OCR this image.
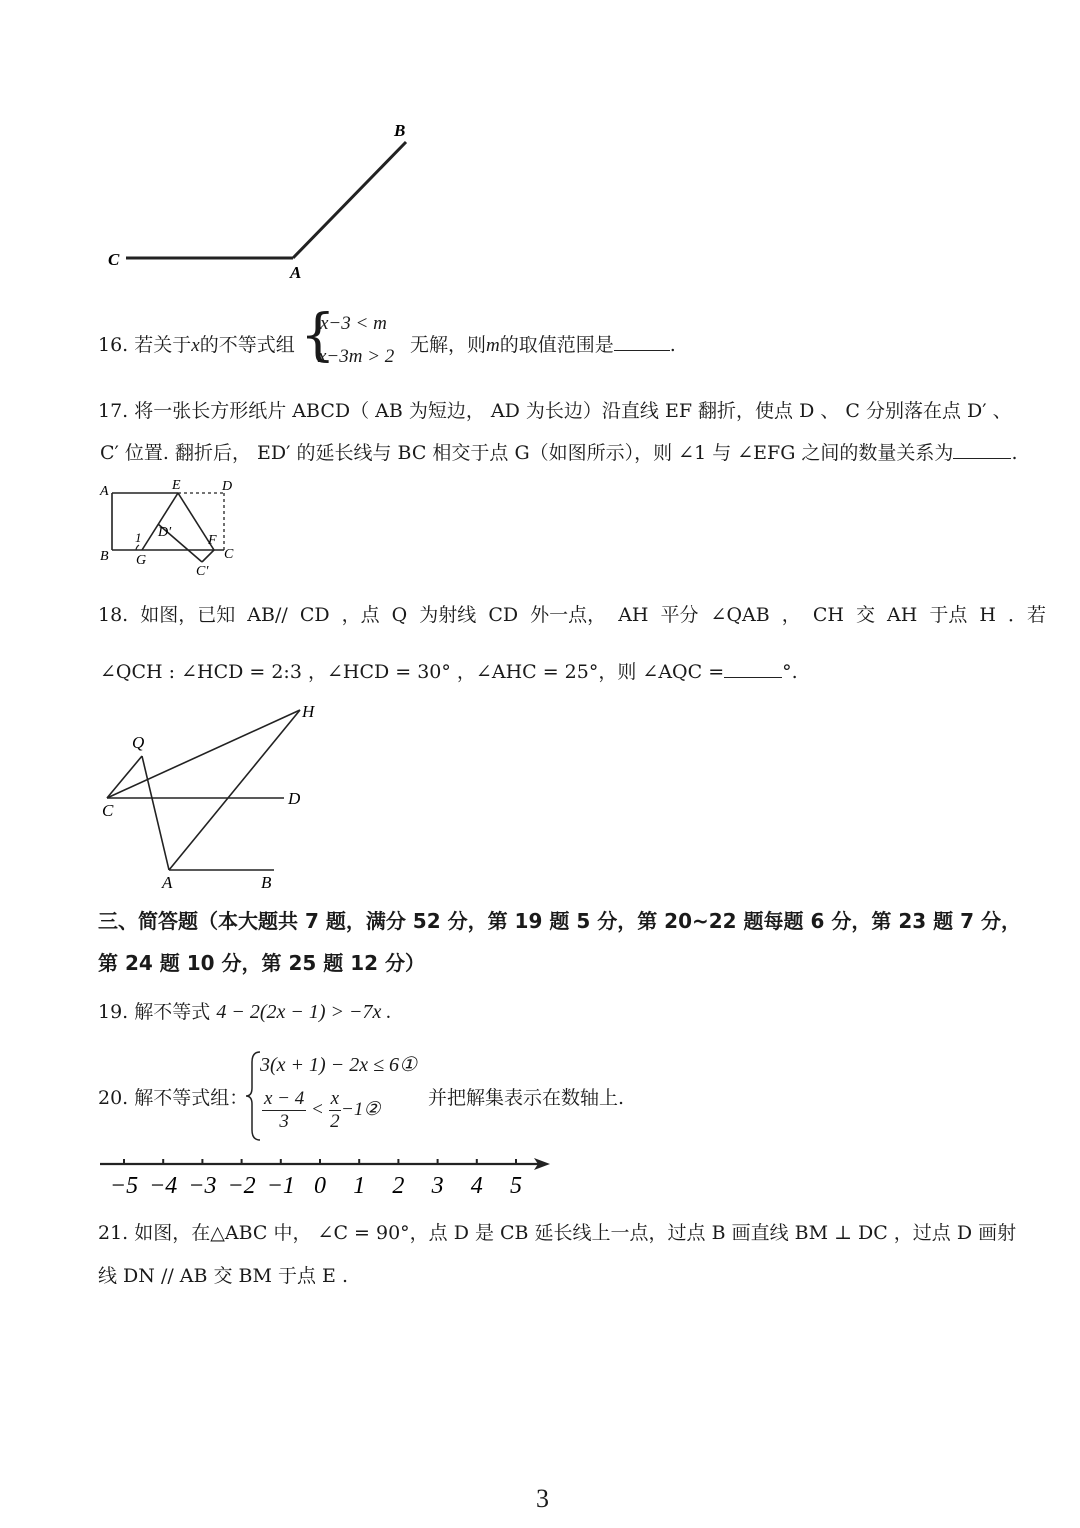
B
C
A
16. 若关于x的不等式组 {
x−3 < m
x−3m > 2
无解，则m的取值范围是	.
17. 将一张长方形纸片 ABCD（ AB 为短边， AD 为长边）沿直线 EF 翻折，使点 D 、 C 分别落在点 D′ 、
C′ 位置. 翻折后， ED′ 的延长线与 BC 相交于点 G（如图所示），则 ∠1 与 ∠EFG 之间的数量关系为	.
A	E	D
D′
1	F
B G	C
C′
18. 如图，已知 AB// CD ，点 Q 为射线 CD 外一点， AH 平分 ∠QAB ， CH 交 AH 于点 H ．若
∠QCH : ∠HCD = 2:3 ，∠HCD = 30° ，∠AHC = 25°，则 ∠AQC =	°.
H
Q
C
D
A	B
三、简答题（本大题共 7 题，满分 52 分，第 19 题 5 分，第 20~22 题每题 6 分，第 23 题 7 分，
第 24 题 10 分，第 25 题 12 分）
19. 解不等式 4 − 2(2x − 1) > −7x .
20. 解不等式组：
3(x + 1) − 2x ≤ 6①
$\frac{x - 4}{3} < \frac{x}{2}$ −1②
并把解集表示在数轴上.
−5 −4 −3 −2 −1 0 1 2 3 4 5
21. 如图，在△ABC 中， ∠C = 90°，点 D 是 CB 延长线上一点，过点 B 画直线 BM ⊥ DC ，过点 D 画射
线 DN // AB 交 BM 于点 E .
3
